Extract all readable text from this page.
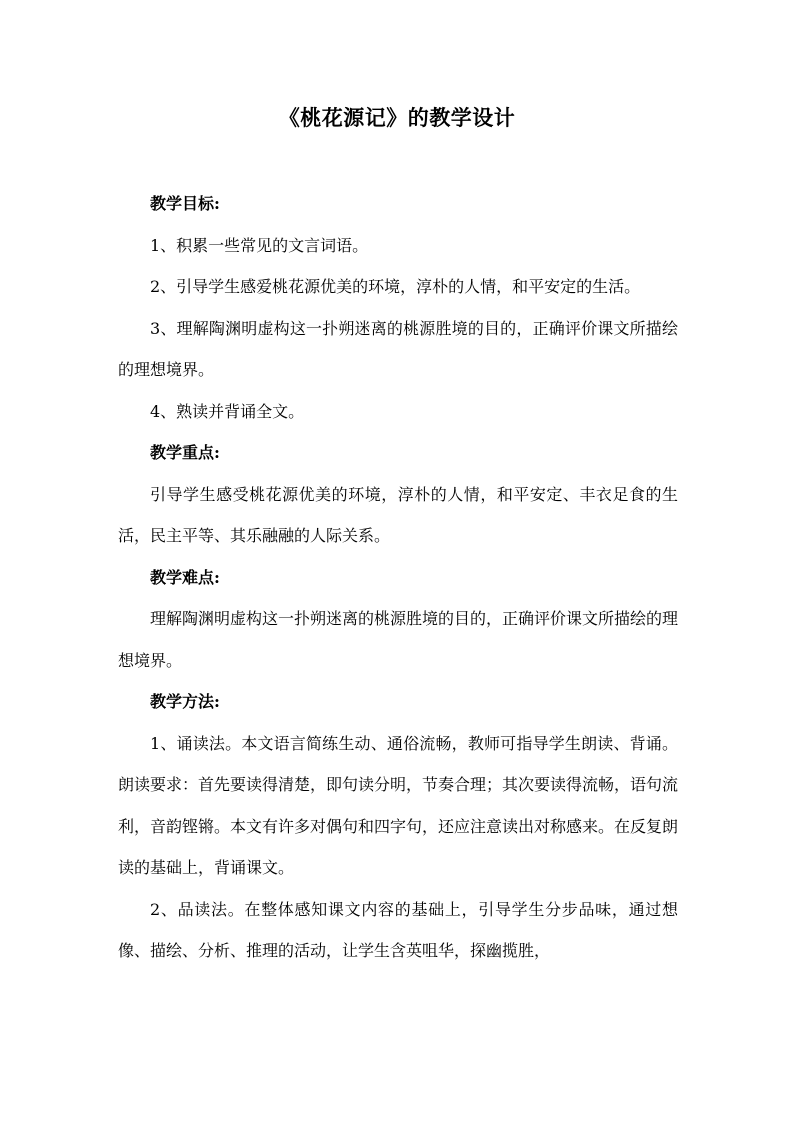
《桃花源记》的教学设计

教学目标:

1、积累一些常见的文言词语。

2、引导学生感爱桃花源优美的环境，淳朴的人情，和平安定的生活。

3、理解陶渊明虚构这一扑朔迷离的桃源胜境的目的，正确评价课文所描绘的理想境界。

4、熟读并背诵全文。

教学重点:

引导学生感受桃花源优美的环境，淳朴的人情，和平安定、丰衣足食的生活，民主平等、其乐融融的人际关系。

教学难点:

理解陶渊明虚构这一扑朔迷离的桃源胜境的目的，正确评价课文所描绘的理想境界。

教学方法:

1、诵读法。本文语言简练生动、通俗流畅，教师可指导学生朗读、背诵。朗读要求：首先要读得清楚，即句读分明，节奏合理；其次要读得流畅，语句流利，音韵铿锵。本文有许多对偶句和四字句，还应注意读出对称感来。在反复朗读的基础上，背诵课文。

2、品读法。在整体感知课文内容的基础上，引导学生分步品味，通过想像、描绘、分析、推理的活动，让学生含英咀华，探幽揽胜，
